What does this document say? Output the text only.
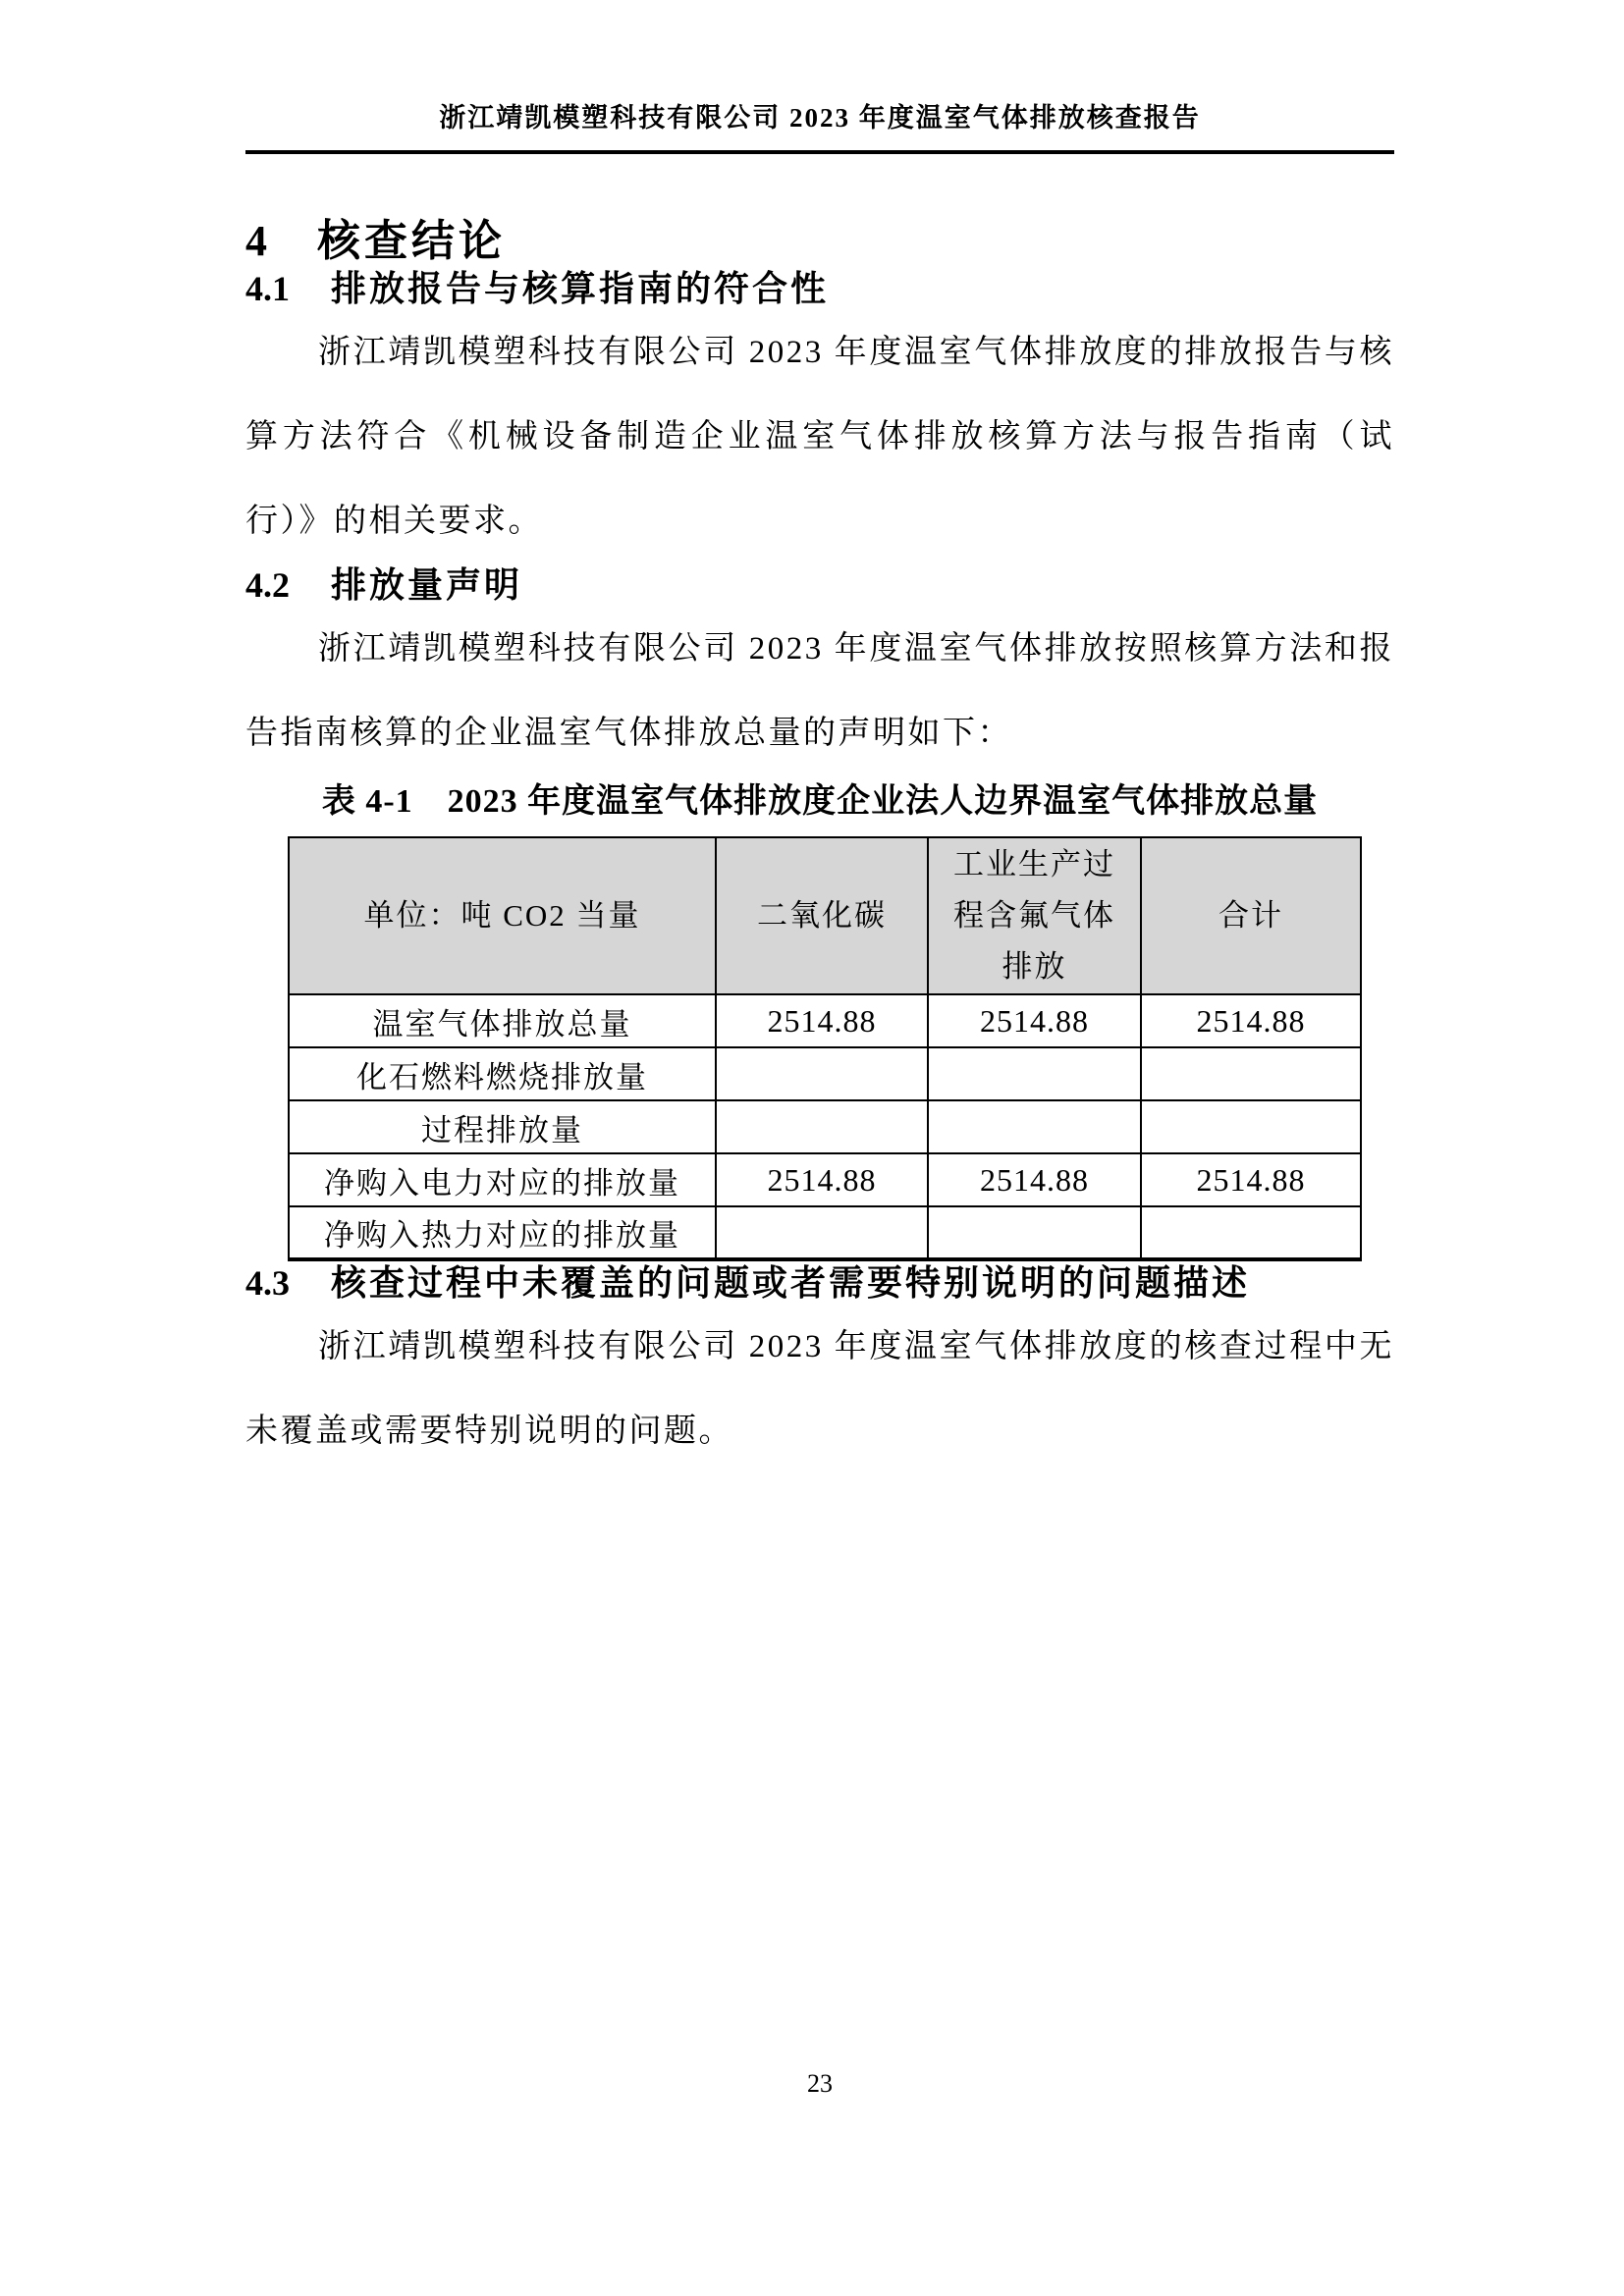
浙江靖凯模塑科技有限公司 2023 年度温室气体排放核查报告
4 核查结论
4.1 排放报告与核算指南的符合性

浙江靖凯模塑科技有限公司 2023 年度温室气体排放度的排放报告与核算方法符合《机械设备制造企业温室气体排放核算方法与报告指南（试行）》的相关要求。

4.2 排放量声明

浙江靖凯模塑科技有限公司 2023 年度温室气体排放按照核算方法和报告指南核算的企业温室气体排放总量的声明如下：

表 4-1　2023 年度温室气体排放度企业法人边界温室气体排放总量
单位：吨 CO2 当量	二氧化碳	工业生产过程含氟气体排放	合计
温室气体排放总量	2514.88	2514.88	2514.88
化石燃料燃烧排放量			
过程排放量			
净购入电力对应的排放量	2514.88	2514.88	2514.88
净购入热力对应的排放量			
4.3 核查过程中未覆盖的问题或者需要特别说明的问题描述

浙江靖凯模塑科技有限公司 2023 年度温室气体排放度的核查过程中无未覆盖或需要特别说明的问题。

23
